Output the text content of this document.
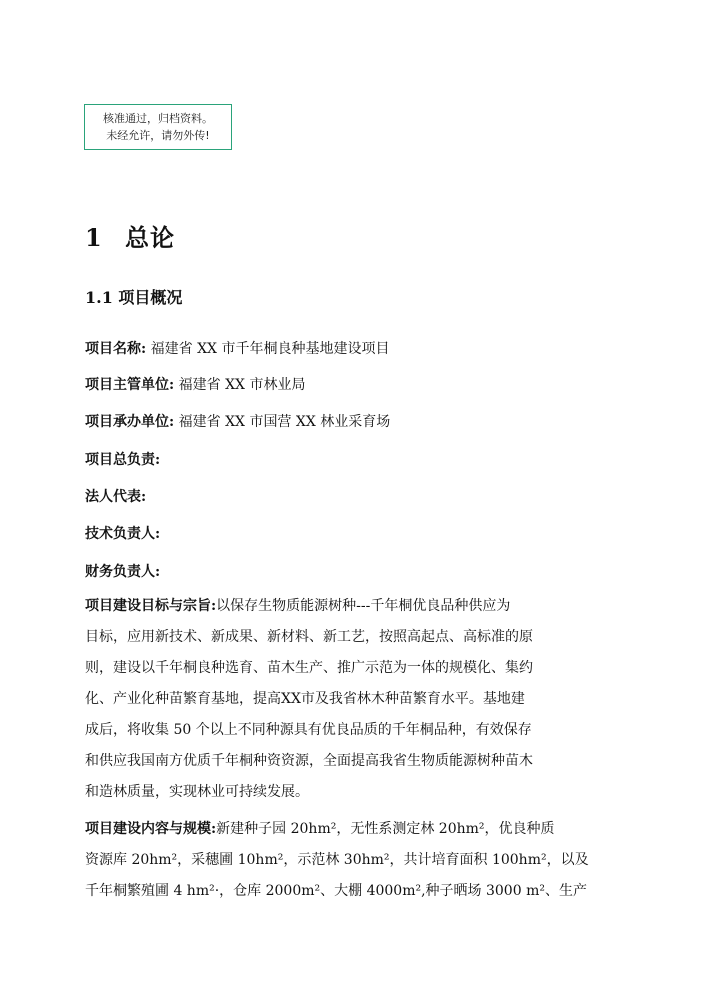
核准通过，归档资料。
未经允许，请勿外传!
1 总论
1.1 项目概况
项目名称: 福建省 XX 市千年桐良种基地建设项目
项目主管单位: 福建省 XX 市林业局
项目承办单位: 福建省 XX 市国营 XX 林业采育场
项目总负责:
法人代表:
技术负责人:
财务负责人:
项目建设目标与宗旨:以保存生物质能源树种---千年桐优良品种供应为
目标，应用新技术、新成果、新材料、新工艺，按照高起点、高标准的原
则，建设以千年桐良种选育、苗木生产、推广示范为一体的规模化、集约
化、产业化种苗繁育基地，提高XX市及我省林木种苗繁育水平。基地建
成后，将收集 50 个以上不同种源具有优良品质的千年桐品种，有效保存
和供应我国南方优质千年桐种资资源，全面提高我省生物质能源树种苗木
和造林质量，实现林业可持续发展。
项目建设内容与规模:新建种子园 20hm²，无性系测定林 20hm²，优良种质
资源库 20hm²，采穗圃 10hm²，示范林 30hm²，共计培育面积 100hm²，以及
千年桐繁殖圃 4 hm²·，仓库 2000m²、大棚 4000m²,种子晒场 3000 m²、生产
